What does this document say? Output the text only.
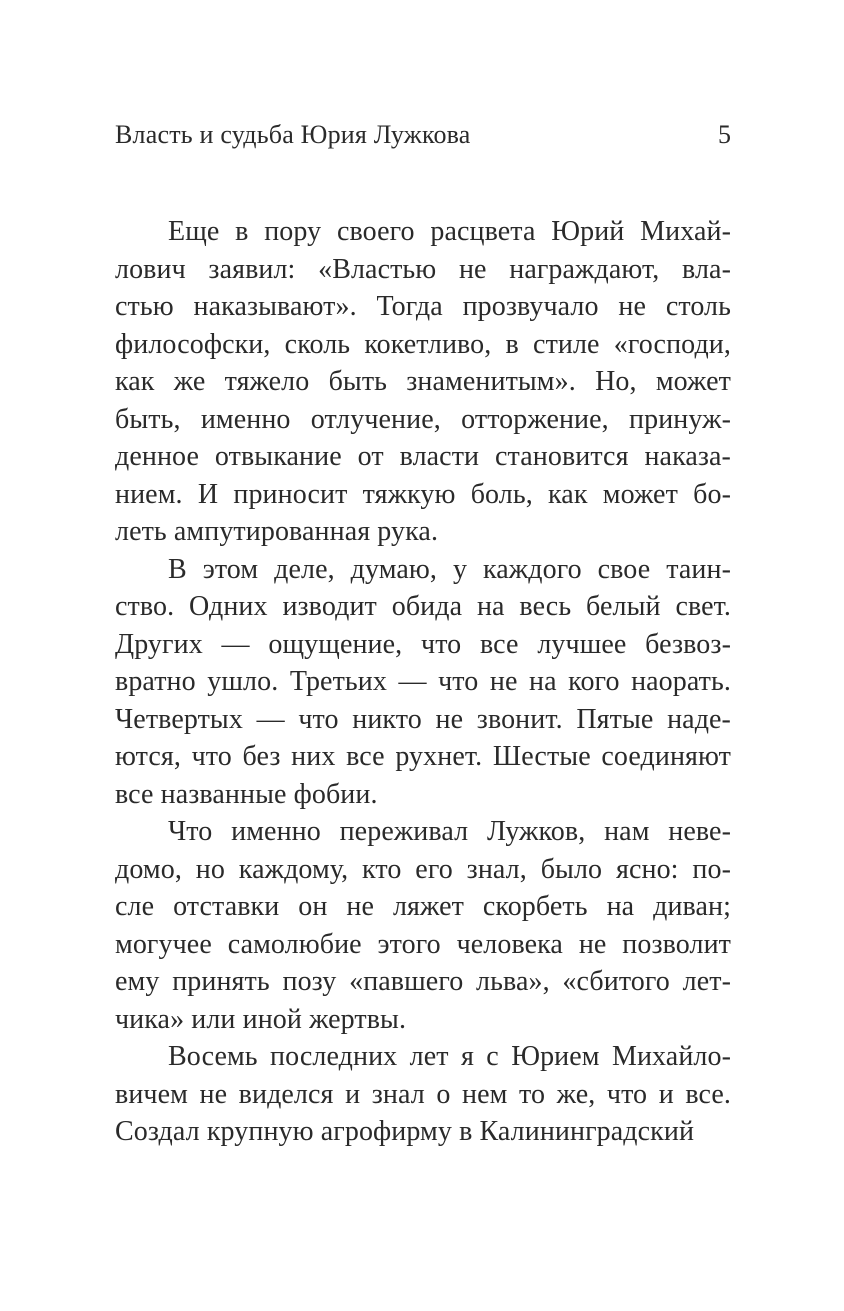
Власть и судьба Юрия Лужкова	5
Еще в пору своего расцвета Юрий Михай-
лович заявил: «Властью не награждают, вла-
стью наказывают». Тогда прозвучало не столь
философски, сколь кокетливо, в стиле «господи,
как же тяжело быть знаменитым». Но, может
быть, именно отлучение, отторжение, принуж-
денное отвыкание от власти становится наказа-
нием. И приносит тяжкую боль, как может бо-
леть ампутированная рука.
В этом деле, думаю, у каждого свое таин-
ство. Одних изводит обида на весь белый свет.
Других — ощущение, что все лучшее безвоз-
вратно ушло. Третьих — что не на кого наорать.
Четвертых — что никто не звонит. Пятые наде-
ются, что без них все рухнет. Шестые соединяют
все названные фобии.
Что именно переживал Лужков, нам неве-
домо, но каждому, кто его знал, было ясно: по-
сле отставки он не ляжет скорбеть на диван;
могучее самолюбие этого человека не позволит
ему принять позу «павшего льва», «сбитого лет-
чика» или иной жертвы.
Восемь последних лет я с Юрием Михайло-
вичем не виделся и знал о нем то же, что и все.
Создал крупную агрофирму в Калининградский
